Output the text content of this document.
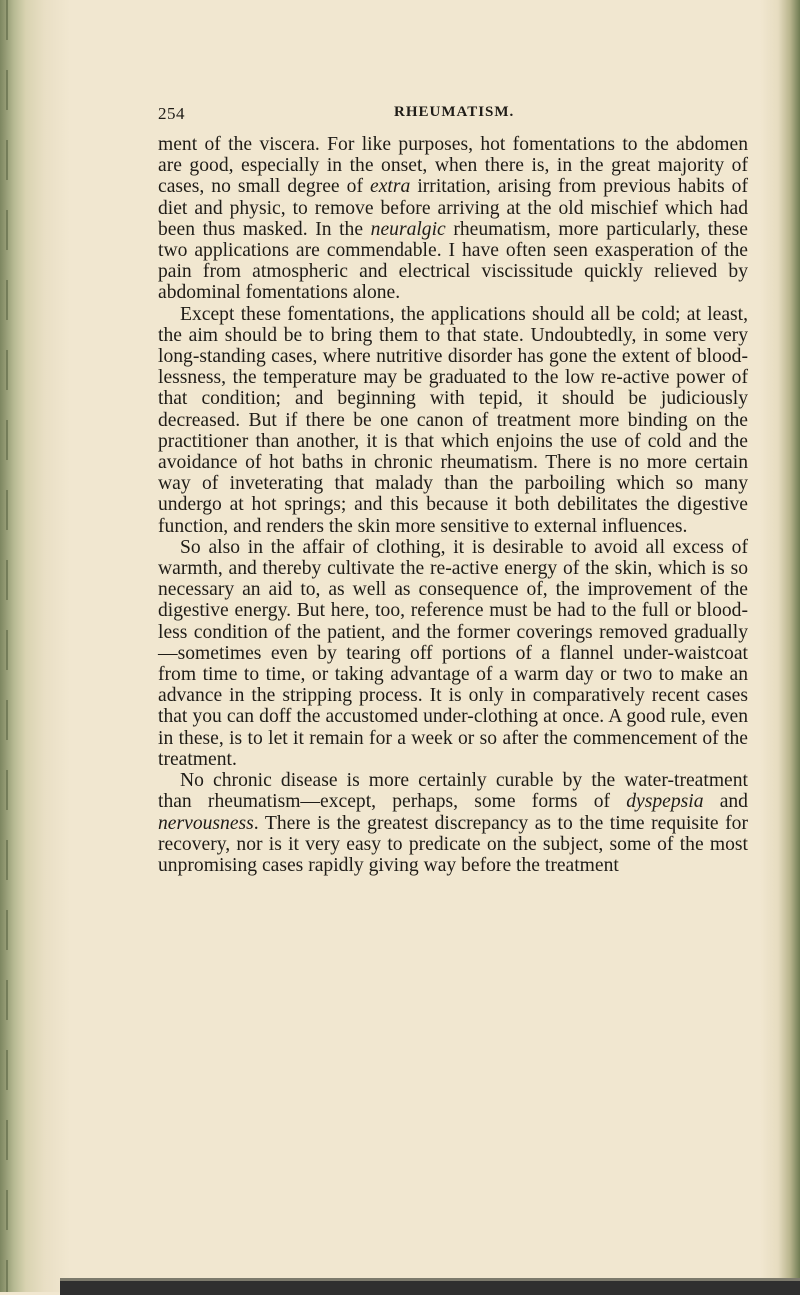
254	RHEUMATISM.

ment of the viscera. For like purposes, hot fomentations to the abdomen are good, especially in the onset, when there is, in the great majority of cases, no small degree of extra irritation, arising from previous habits of diet and physic, to remove before arriving at the old mischief which had been thus masked. In the neuralgic rheumatism, more particularly, these two applications are commendable. I have often seen exasperation of the pain from atmospheric and electrical viscissitude quickly relieved by abdominal fomentations alone.

Except these fomentations, the applications should all be cold; at least, the aim should be to bring them to that state. Undoubtedly, in some very long-standing cases, where nutritive disorder has gone the extent of bloodlessness, the temperature may be graduated to the low re-active power of that condition; and beginning with tepid, it should be judiciously decreased. But if there be one canon of treatment more binding on the practitioner than another, it is that which enjoins the use of cold and the avoidance of hot baths in chronic rheumatism. There is no more certain way of inveterating that malady than the parboiling which so many undergo at hot springs; and this because it both debilitates the digestive function, and renders the skin more sensitive to external influences.

So also in the affair of clothing, it is desirable to avoid all excess of warmth, and thereby cultivate the re-active energy of the skin, which is so necessary an aid to, as well as consequence of, the improvement of the digestive energy. But here, too, reference must be had to the full or bloodless condition of the patient, and the former coverings removed gradually—sometimes even by tearing off portions of a flannel under-waistcoat from time to time, or taking advantage of a warm day or two to make an advance in the stripping process. It is only in comparatively recent cases that you can doff the accustomed under-clothing at once. A good rule, even in these, is to let it remain for a week or so after the commencement of the treatment.

No chronic disease is more certainly curable by the water-treatment than rheumatism—except, perhaps, some forms of dyspepsia and nervousness. There is the greatest discrepancy as to the time requisite for recovery, nor is it very easy to predicate on the subject, some of the most unpromising cases rapidly giving way before the treatment
